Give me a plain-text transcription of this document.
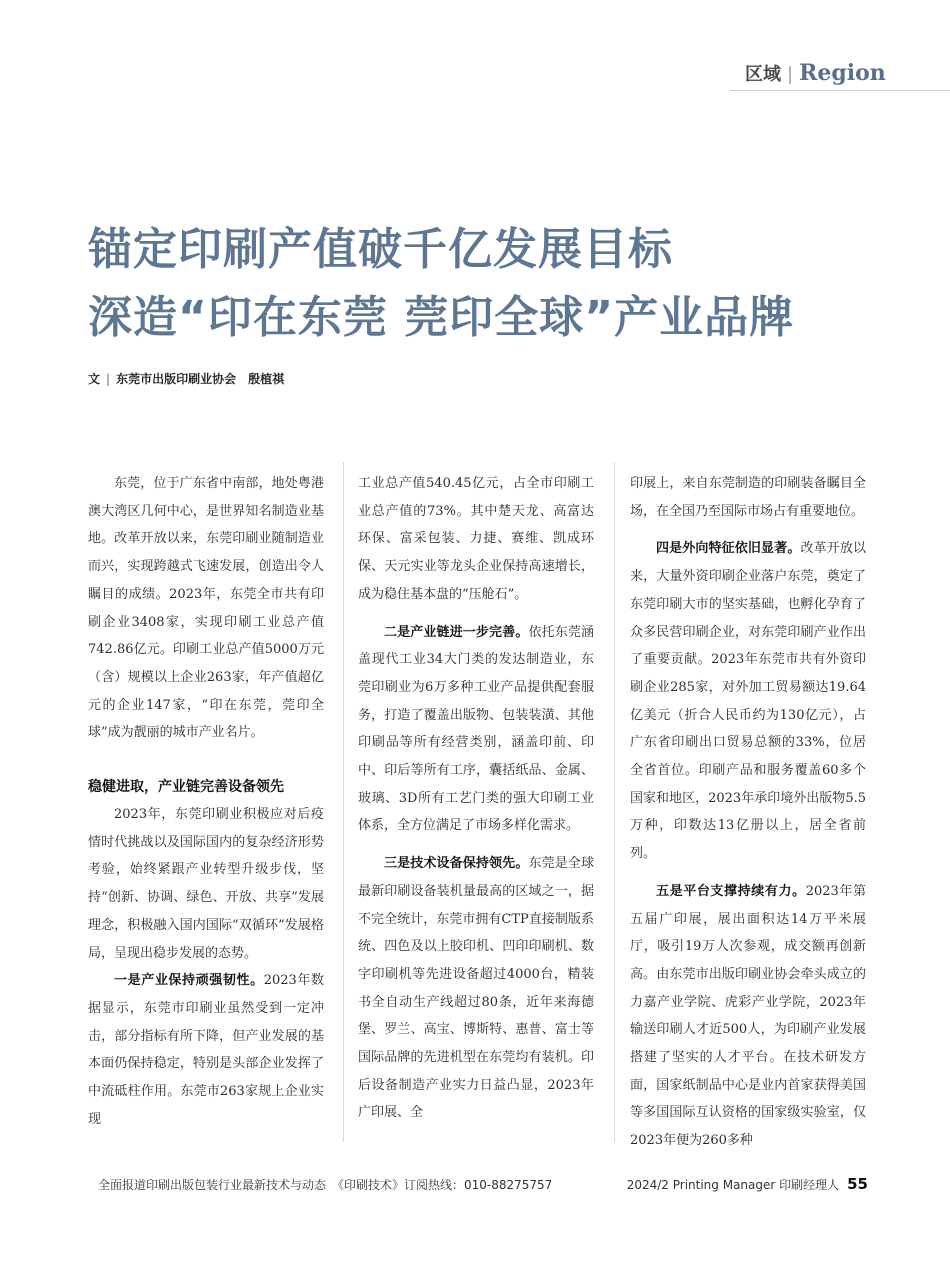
区域 | Region
锚定印刷产值破千亿发展目标
深造“印在东莞 莞印全球”产业品牌
文 | 东莞市出版印刷业协会　殷植祺

东莞，位于广东省中南部，地处粤港澳大湾区几何中心，是世界知名制造业基地。改革开放以来，东莞印刷业随制造业而兴，实现跨越式飞速发展，创造出令人瞩目的成绩。2023年，东莞全市共有印刷企业3408家，实现印刷工业总产值742.86亿元。印刷工业总产值5000万元（含）规模以上企业263家，年产值超亿元的企业147家，“印在东莞，莞印全球”成为靓丽的城市产业名片。

稳健进取，产业链完善设备领先

2023年，东莞印刷业积极应对后疫情时代挑战以及国际国内的复杂经济形势考验，始终紧跟产业转型升级步伐，坚持“创新、协调、绿色、开放、共享”发展理念，积极融入国内国际“双循环”发展格局，呈现出稳步发展的态势。

一是产业保持顽强韧性。2023年数据显示，东莞市印刷业虽然受到一定冲击，部分指标有所下降，但产业发展的基本面仍保持稳定，特别是头部企业发挥了中流砥柱作用。东莞市263家规上企业实现

工业总产值540.45亿元，占全市印刷工业总产值的73%。其中楚天龙、高富达环保、富采包装、力捷、赛维、凯成环保、天元实业等龙头企业保持高速增长，成为稳住基本盘的“压舱石”。

二是产业链进一步完善。依托东莞涵盖现代工业34大门类的发达制造业，东莞印刷业为6万多种工业产品提供配套服务，打造了覆盖出版物、包装装潢、其他印刷品等所有经营类别，涵盖印前、印中、印后等所有工序，囊括纸品、金属、玻璃、3D所有工艺门类的强大印刷工业体系，全方位满足了市场多样化需求。

三是技术设备保持领先。东莞是全球最新印刷设备装机量最高的区域之一，据不完全统计，东莞市拥有CTP直接制版系统、四色及以上胶印机、凹印印刷机、数字印刷机等先进设备超过4000台，精装书全自动生产线超过80条，近年来海德堡、罗兰、高宝、博斯特、惠普、富士等国际品牌的先进机型在东莞均有装机。印后设备制造产业实力日益凸显，2023年广印展、全

印展上，来自东莞制造的印刷装备瞩目全场，在全国乃至国际市场占有重要地位。

四是外向特征依旧显著。改革开放以来，大量外资印刷企业落户东莞，奠定了东莞印刷大市的坚实基础，也孵化孕育了众多民营印刷企业，对东莞印刷产业作出了重要贡献。2023年东莞市共有外资印刷企业285家，对外加工贸易额达19.64亿美元（折合人民币约为130亿元），占广东省印刷出口贸易总额的33%，位居全省首位。印刷产品和服务覆盖60多个国家和地区，2023年承印境外出版物5.5万种，印数达13亿册以上，居全省前列。

五是平台支撑持续有力。2023年第五届广印展，展出面积达14万平米展厅，吸引19万人次参观，成交额再创新高。由东莞市出版印刷业协会牵头成立的力嘉产业学院、虎彩产业学院，2023年输送印刷人才近500人，为印刷产业发展搭建了坚实的人才平台。在技术研发方面，国家纸制品中心是业内首家获得美国等多国国际互认资格的国家级实验室，仅2023年便为260多种

全面报道印刷出版包装行业最新技术与动态　《印刷技术》订阅热线：010-88275757	2024/2 Printing Manager 印刷经理人 55
